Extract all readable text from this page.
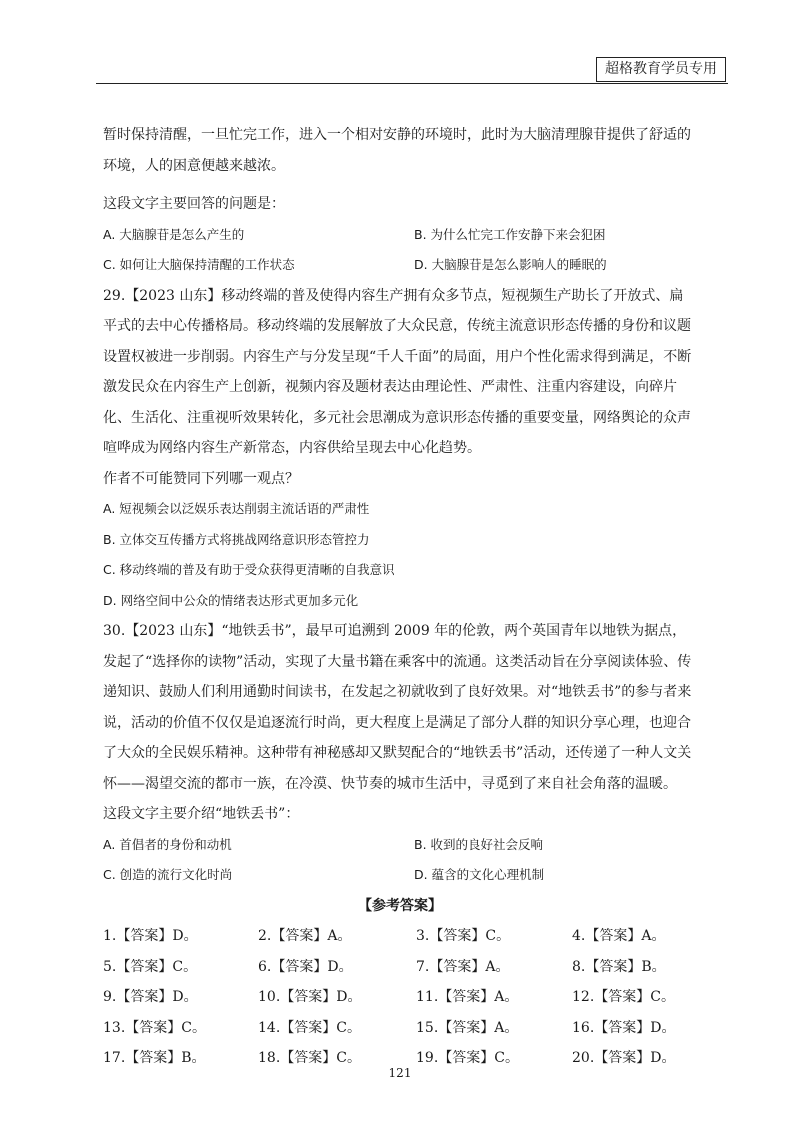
超格教育学员专用

暂时保持清醒，一旦忙完工作，进入一个相对安静的环境时，此时为大脑清理腺苷提供了舒适的环境，人的困意便越来越浓。

这段文字主要回答的问题是：

A. 大脑腺苷是怎么产生的	B. 为什么忙完工作安静下来会犯困
C. 如何让大脑保持清醒的工作状态	D. 大脑腺苷是怎么影响人的睡眠的

29.【2023 山东】移动终端的普及使得内容生产拥有众多节点，短视频生产助长了开放式、扁平式的去中心传播格局。移动终端的发展解放了大众民意，传统主流意识形态传播的身份和议题设置权被进一步削弱。内容生产与分发呈现“千人千面”的局面，用户个性化需求得到满足，不断激发民众在内容生产上创新，视频内容及题材表达由理论性、严肃性、注重内容建设，向碎片化、生活化、注重视听效果转化，多元社会思潮成为意识形态传播的重要变量，网络舆论的众声喧哗成为网络内容生产新常态，内容供给呈现去中心化趋势。

作者不可能赞同下列哪一观点？

A. 短视频会以泛娱乐表达削弱主流话语的严肃性
B. 立体交互传播方式将挑战网络意识形态管控力
C. 移动终端的普及有助于受众获得更清晰的自我意识
D. 网络空间中公众的情绪表达形式更加多元化

30.【2023 山东】“地铁丢书”，最早可追溯到 2009 年的伦敦，两个英国青年以地铁为据点，发起了“选择你的读物”活动，实现了大量书籍在乘客中的流通。这类活动旨在分享阅读体验、传递知识、鼓励人们利用通勤时间读书，在发起之初就收到了良好效果。对“地铁丢书”的参与者来说，活动的价值不仅仅是追逐流行时尚，更大程度上是满足了部分人群的知识分享心理，也迎合了大众的全民娱乐精神。这种带有神秘感却又默契配合的“地铁丢书”活动，还传递了一种人文关怀——渴望交流的都市一族，在冷漠、快节奏的城市生活中，寻觅到了来自社会角落的温暖。

这段文字主要介绍“地铁丢书”：

A. 首倡者的身份和动机	B. 收到的良好社会反响
C. 创造的流行文化时尚	D. 蕴含的文化心理机制

【参考答案】

1.【答案】D。	2.【答案】A。	3.【答案】C。	4.【答案】A。
5.【答案】C。	6.【答案】D。	7.【答案】A。	8.【答案】B。
9.【答案】D。	10.【答案】D。	11.【答案】A。	12.【答案】C。
13.【答案】C。	14.【答案】C。	15.【答案】A。	16.【答案】D。
17.【答案】B。	18.【答案】C。	19.【答案】C。	20.【答案】D。
121
